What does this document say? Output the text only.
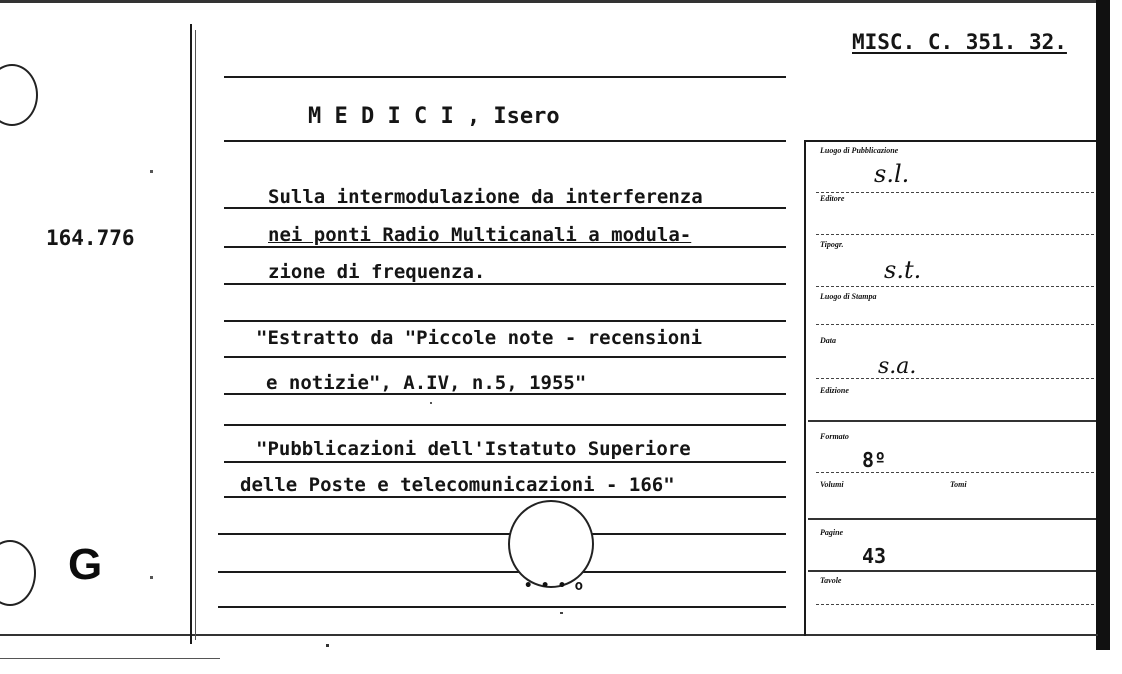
164.776
G
MISC. C. 351. 32.
M E D I C I , Isero
Sulla intermodulazione da interferenza
nei ponti Radio Multicanali a modula-
zione di frequenza.
"Estratto da "Piccole note - recensioni
e notizie", A.IV, n.5, 1955"
"Pubblicazioni dell'Istatuto Superiore
delle Poste e telecomunicazioni - 166"
• • • o
Luogo di Pubblicazione
Editore
Tipogr.
Luogo di Stampa
Data
Edizione
Formato
Volumi	Tomi
Pagine
Tavole
s.l.
s.t.
s.a.
8º
43
